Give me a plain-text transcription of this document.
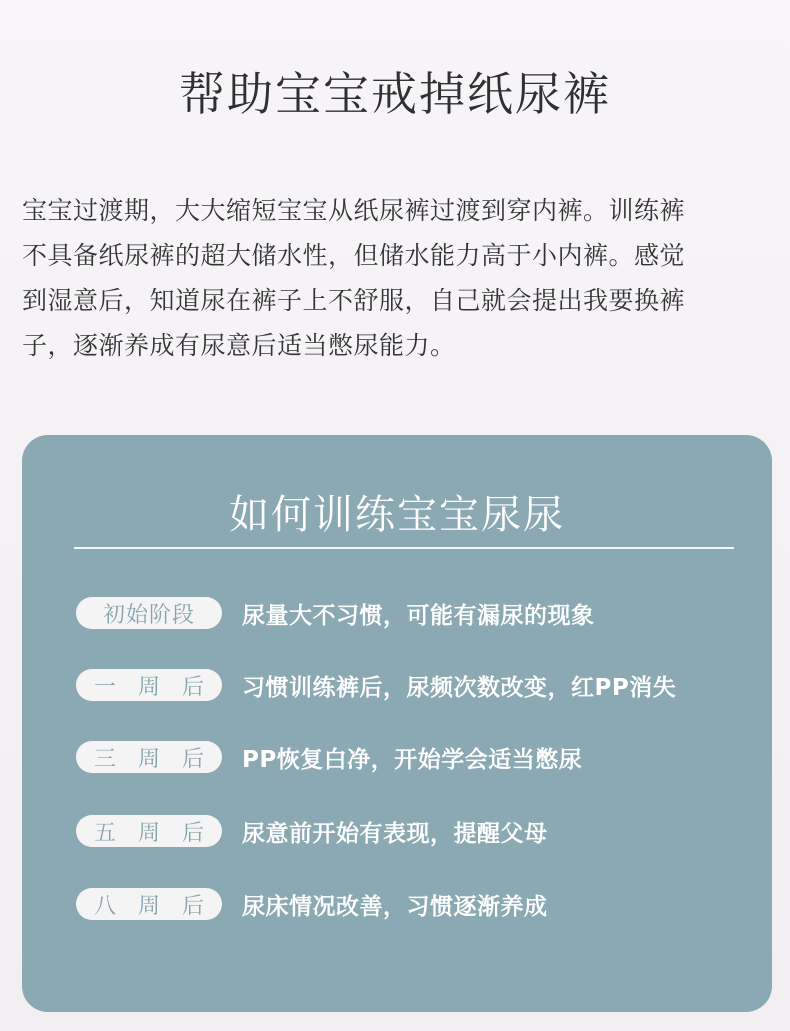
帮助宝宝戒掉纸尿裤
宝宝过渡期，大大缩短宝宝从纸尿裤过渡到穿内裤。训练裤
不具备纸尿裤的超大储水性，但储水能力高于小内裤。感觉
到湿意后，知道尿在裤子上不舒服，自己就会提出我要换裤
子，逐渐养成有尿意后适当憋尿能力。
如何训练宝宝尿尿
初始阶段 尿量大不习惯，可能有漏尿的现象
一 周 后 习惯训练裤后，尿频次数改变，红PP消失
三 周 后 PP恢复白净，开始学会适当憋尿
五 周 后 尿意前开始有表现，提醒父母
八 周 后 尿床情况改善，习惯逐渐养成
